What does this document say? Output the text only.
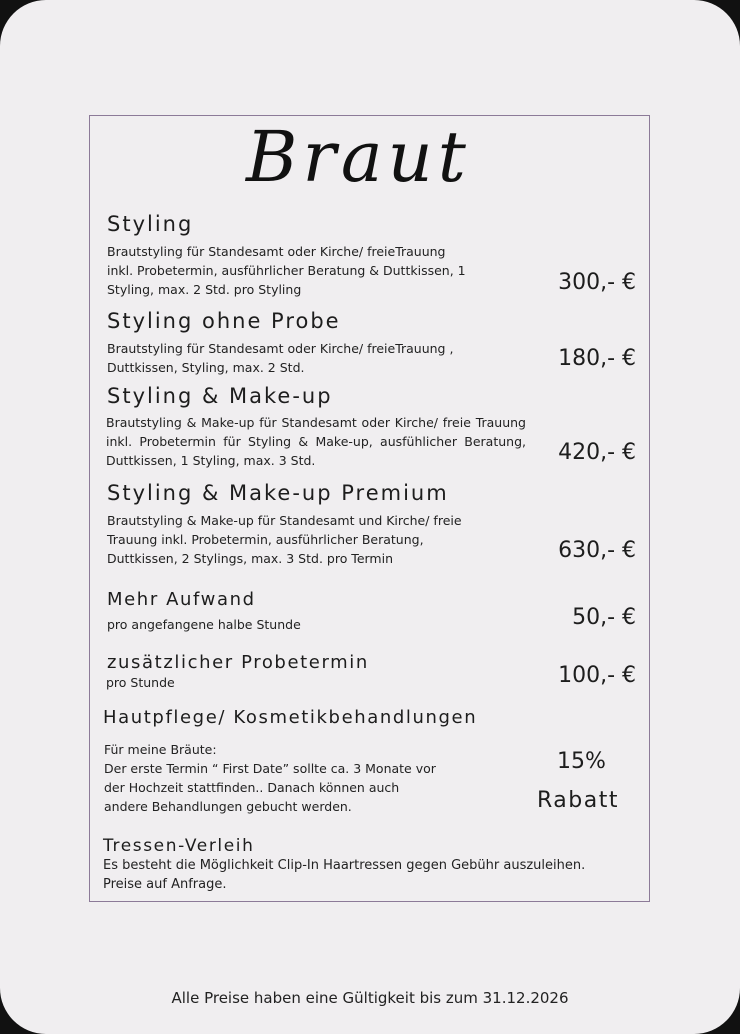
Braut
Styling
Brautstyling für Standesamt oder Kirche/ freieTrauung
inkl. Probetermin, ausführlicher Beratung & Duttkissen, 1
Styling, max. 2 Std. pro Styling	300,- €
Styling ohne Probe
Brautstyling für Standesamt oder Kirche/ freieTrauung ,
Duttkissen, Styling, max. 2 Std.	180,- €
Styling & Make-up
Brautstyling & Make-up für Standesamt oder Kirche/ freie Trauung inkl. Probetermin für Styling & Make-up, ausfühlicher Beratung, Duttkissen, 1 Styling, max. 3 Std.	420,- €
Styling & Make-up Premium
Brautstyling & Make-up für Standesamt und Kirche/ freie
Trauung inkl. Probetermin, ausführlicher Beratung,
Duttkissen, 2 Stylings, max. 3 Std. pro Termin	630,- €
Mehr Aufwand
pro angefangene halbe Stunde	50,- €
zusätzlicher Probetermin
pro Stunde	100,- €
Hautpflege/ Kosmetikbehandlungen
Für meine Bräute:
Der erste Termin “ First Date” sollte ca. 3 Monate vor
der Hochzeit stattfinden.. Danach können auch
andere Behandlungen gebucht werden.
15%
Rabatt
Tressen-Verleih
Es besteht die Möglichkeit Clip-In Haartressen gegen Gebühr auszuleihen.
Preise auf Anfrage.
Alle Preise haben eine Gültigkeit bis zum 31.12.2026
